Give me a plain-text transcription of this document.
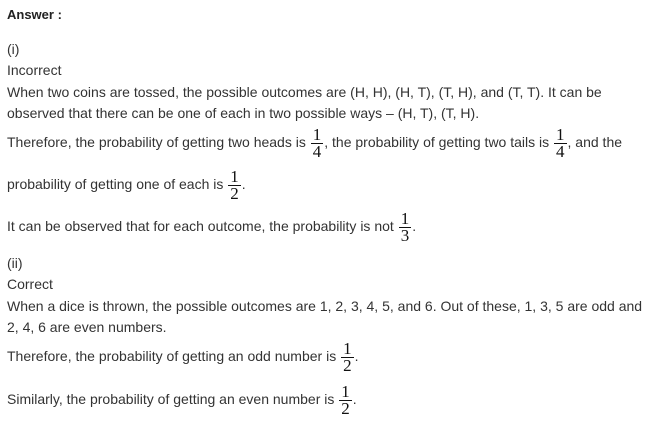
Answer :
(i)
Incorrect
When two coins are tossed, the possible outcomes are (H, H), (H, T), (T, H), and (T, T). It can be
observed that there can be one of each in two possible ways – (H, T), (T, H).
Therefore, the probability of getting two heads is $\frac{1}{4}$ , the probability of getting two tails is $\frac{1}{4}$ , and the
probability of getting one of each is $\frac{1}{2}$ .
It can be observed that for each outcome, the probability is not $\frac{1}{3}$ .
(ii)
Correct
When a dice is thrown, the possible outcomes are 1, 2, 3, 4, 5, and 6. Out of these, 1, 3, 5 are odd and
2, 4, 6 are even numbers.
Therefore, the probability of getting an odd number is $\frac{1}{2}$ .
Similarly, the probability of getting an even number is $\frac{1}{2}$ .
